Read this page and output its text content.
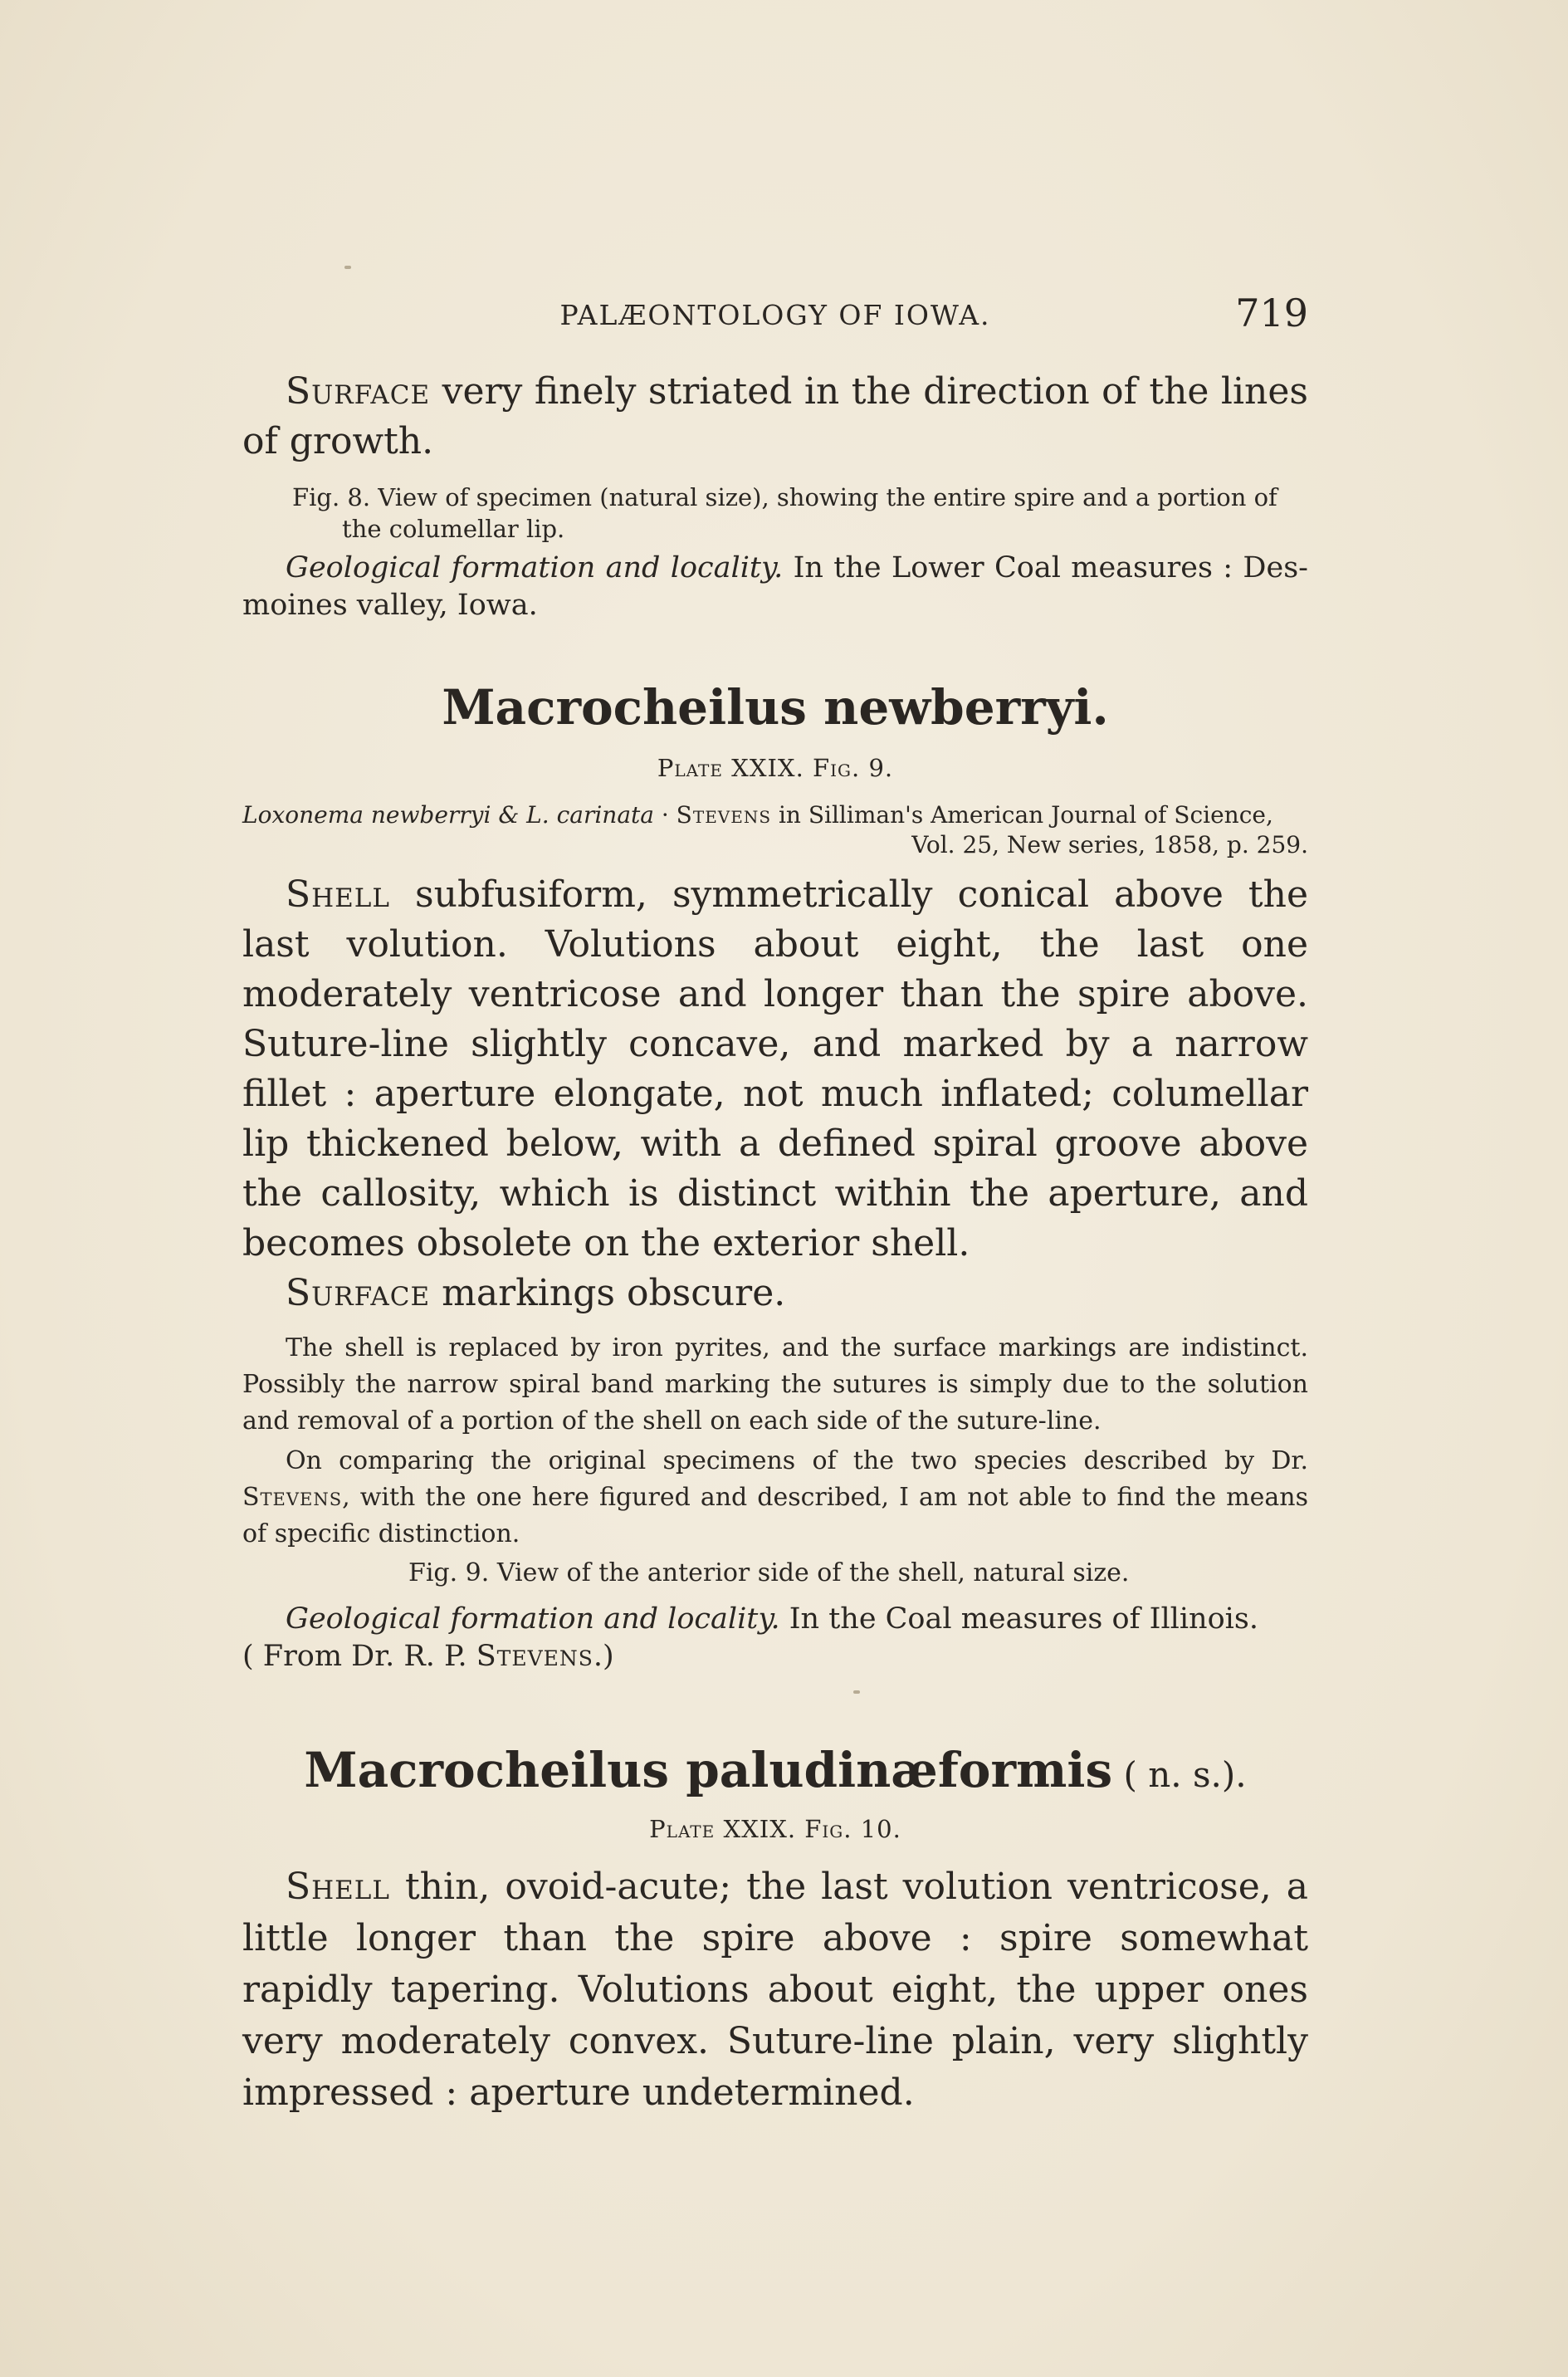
PALÆONTOLOGY OF IOWA.	719

Surface very finely striated in the direction of the lines of growth.

Fig. 8. View of specimen (natural size), showing the entire spire and a portion of
the columellar lip.

Geological formation and locality. In the Lower Coal measures : Desmoines valley, Iowa.

Macrocheilus newberryi.

Plate XXIX. Fig. 9.

Loxonema newberryi & L. carinata · Stevens in Silliman's American Journal of Science,
Vol. 25, New series, 1858, p. 259.

Shell subfusiform, symmetrically conical above the last volution. Volutions about eight, the last one moderately ventricose and longer than the spire above. Suture-line slightly concave, and marked by a narrow fillet : aperture elongate, not much inflated; columellar lip thickened below, with a defined spiral groove above the callosity, which is distinct within the aperture, and becomes obsolete on the exterior shell.

Surface markings obscure.

The shell is replaced by iron pyrites, and the surface markings are indistinct. Possibly the narrow spiral band marking the sutures is simply due to the solution and removal of a portion of the shell on each side of the suture-line.

On comparing the original specimens of the two species described by Dr. Stevens, with the one here figured and described, I am not able to find the means of specific distinction.

Fig. 9. View of the anterior side of the shell, natural size.

Geological formation and locality. In the Coal measures of Illinois.

( From Dr. R. P. Stevens.)

Macrocheilus paludinæformis ( n. s.).

Plate XXIX. Fig. 10.

Shell thin, ovoid-acute; the last volution ventricose, a little longer than the spire above : spire somewhat rapidly tapering. Volutions about eight, the upper ones very moderately convex. Suture-line plain, very slightly impressed : aperture undetermined.
